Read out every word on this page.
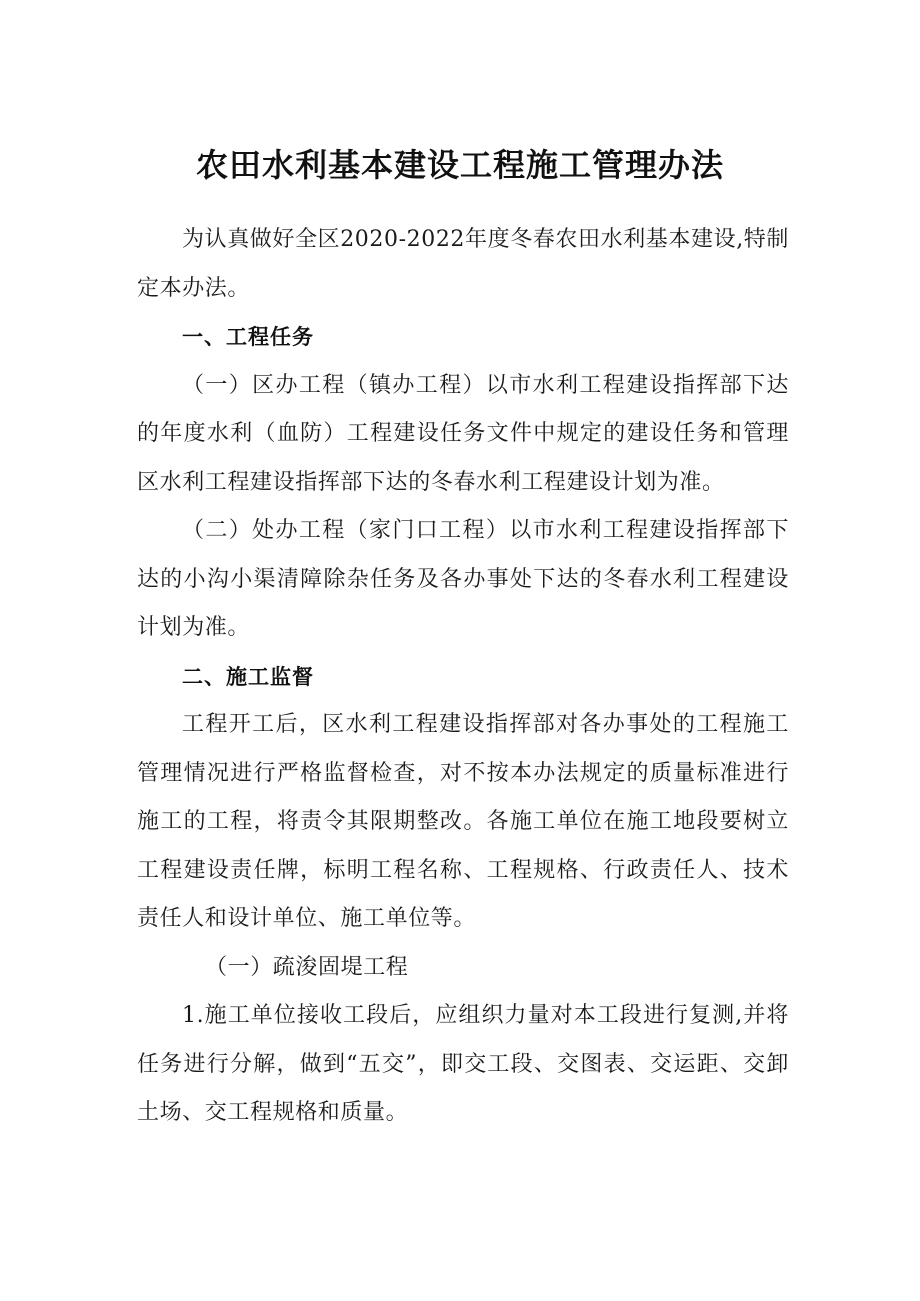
农田水利基本建设工程施工管理办法

为认真做好全区2020-2022年度冬春农田水利基本建设,特制定本办法。

一、工程任务

（一）区办工程（镇办工程）以市水利工程建设指挥部下达的年度水利（血防）工程建设任务文件中规定的建设任务和管理区水利工程建设指挥部下达的冬春水利工程建设计划为准。

（二）处办工程（家门口工程）以市水利工程建设指挥部下达的小沟小渠清障除杂任务及各办事处下达的冬春水利工程建设计划为准。

二、施工监督

工程开工后，区水利工程建设指挥部对各办事处的工程施工管理情况进行严格监督检查，对不按本办法规定的质量标准进行施工的工程，将责令其限期整改。各施工单位在施工地段要树立工程建设责任牌，标明工程名称、工程规格、行政责任人、技术责任人和设计单位、施工单位等。

（一）疏浚固堤工程

1.施工单位接收工段后，应组织力量对本工段进行复测,并将任务进行分解，做到“五交”，即交工段、交图表、交运距、交卸土场、交工程规格和质量。
